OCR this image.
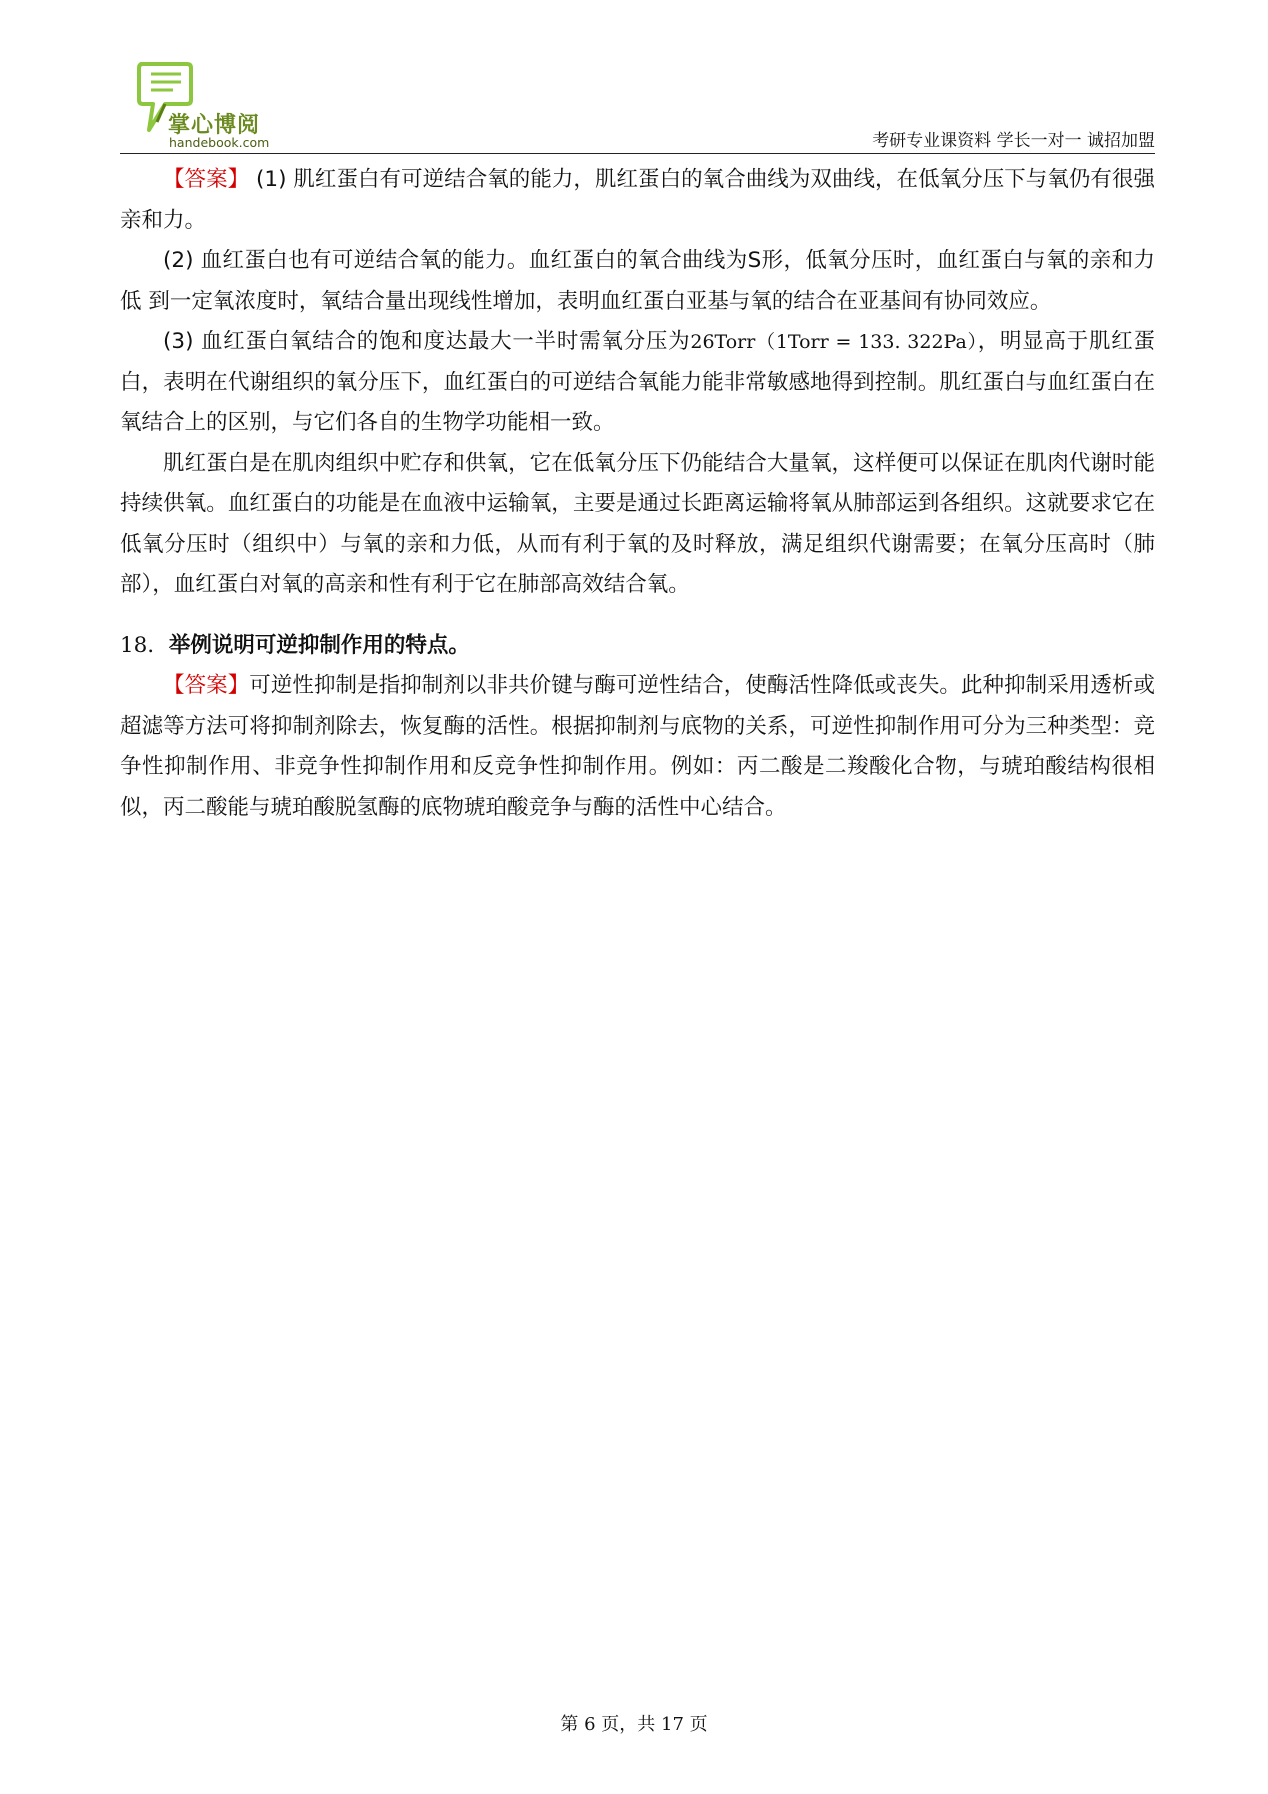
掌心博阅
handebook.com	考研专业课资料 学长一对一 诚招加盟

【答案】 (1) 肌红蛋白有可逆结合氧的能力，肌红蛋白的氧合曲线为双曲线，在低氧分压下与氧仍有很强亲和力。

(2) 血红蛋白也有可逆结合氧的能力。血红蛋白的氧合曲线为S形，低氧分压时，血红蛋白与氧的亲和力低 到一定氧浓度时，氧结合量出现线性增加，表明血红蛋白亚基与氧的结合在亚基间有协同效应。

(3) 血红蛋白氧结合的饱和度达最大一半时需氧分压为26Torr（1Torr = 133. 322Pa），明显高于肌红蛋白，表明在代谢组织的氧分压下，血红蛋白的可逆结合氧能力能非常敏感地得到控制。肌红蛋白与血红蛋白在氧结合上的区别，与它们各自的生物学功能相一致。

肌红蛋白是在肌肉组织中贮存和供氧，它在低氧分压下仍能结合大量氧，这样便可以保证在肌肉代谢时能持续供氧。血红蛋白的功能是在血液中运输氧，主要是通过长距离运输将氧从肺部运到各组织。这就要求它在低氧分压时（组织中）与氧的亲和力低，从而有利于氧的及时释放，满足组织代谢需要；在氧分压高时（肺部），血红蛋白对氧的高亲和性有利于它在肺部高效结合氧。

18．举例说明可逆抑制作用的特点。

【答案】可逆性抑制是指抑制剂以非共价键与酶可逆性结合，使酶活性降低或丧失。此种抑制采用透析或超滤等方法可将抑制剂除去，恢复酶的活性。根据抑制剂与底物的关系，可逆性抑制作用可分为三种类型：竞争性抑制作用、非竞争性抑制作用和反竞争性抑制作用。例如：丙二酸是二羧酸化合物，与琥珀酸结构很相似，丙二酸能与琥珀酸脱氢酶的底物琥珀酸竞争与酶的活性中心结合。

第 6 页，共 17 页
